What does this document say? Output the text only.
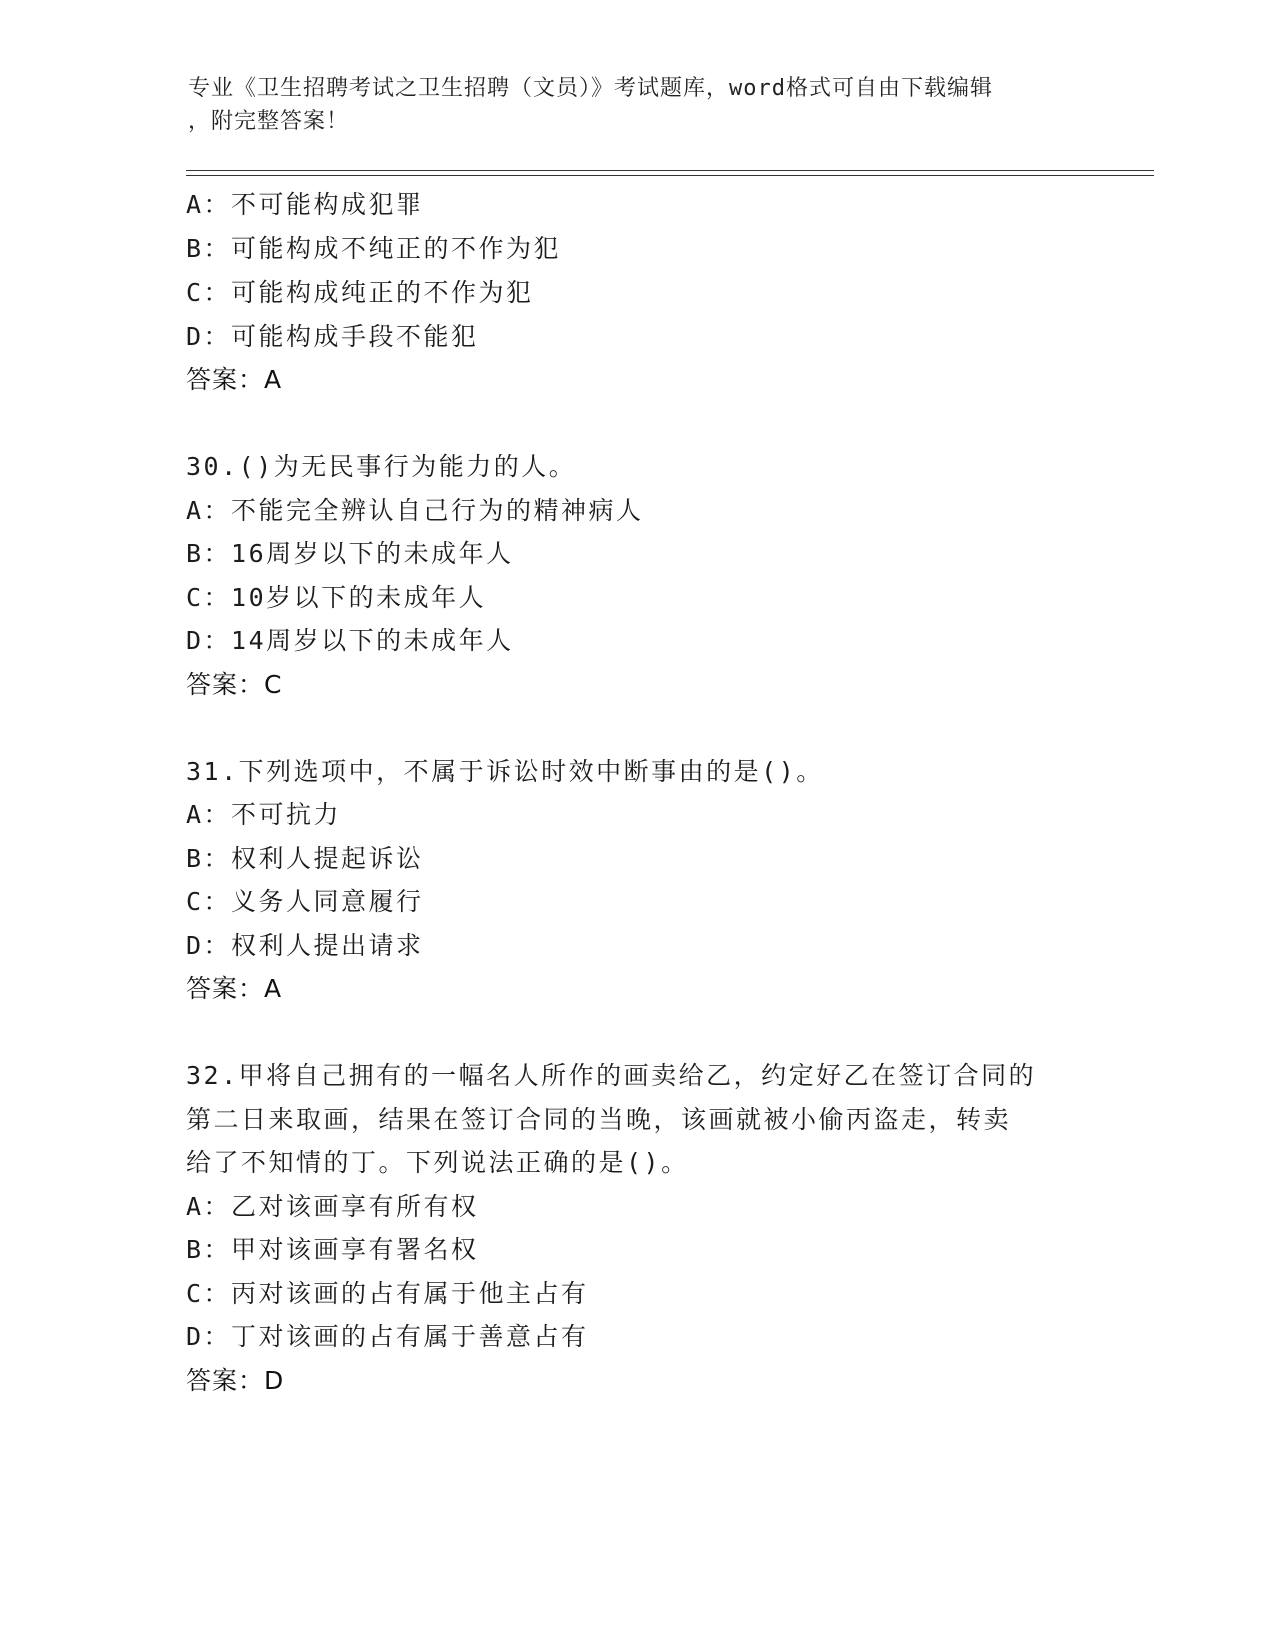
专业《卫生招聘考试之卫生招聘（文员）》考试题库，word格式可自由下载编辑
，附完整答案！
A：不可能构成犯罪
B：可能构成不纯正的不作为犯
C：可能构成纯正的不作为犯
D：可能构成手段不能犯
答案：A
30.()为无民事行为能力的人。
A：不能完全辨认自己行为的精神病人
B：16周岁以下的未成年人
C：10岁以下的未成年人
D：14周岁以下的未成年人
答案：C
31.下列选项中，不属于诉讼时效中断事由的是()。
A：不可抗力
B：权利人提起诉讼
C：义务人同意履行
D：权利人提出请求
答案：A
32.甲将自己拥有的一幅名人所作的画卖给乙，约定好乙在签订合同的
第二日来取画，结果在签订合同的当晚，该画就被小偷丙盗走，转卖
给了不知情的丁。下列说法正确的是()。
A：乙对该画享有所有权
B：甲对该画享有署名权
C：丙对该画的占有属于他主占有
D：丁对该画的占有属于善意占有
答案：D
